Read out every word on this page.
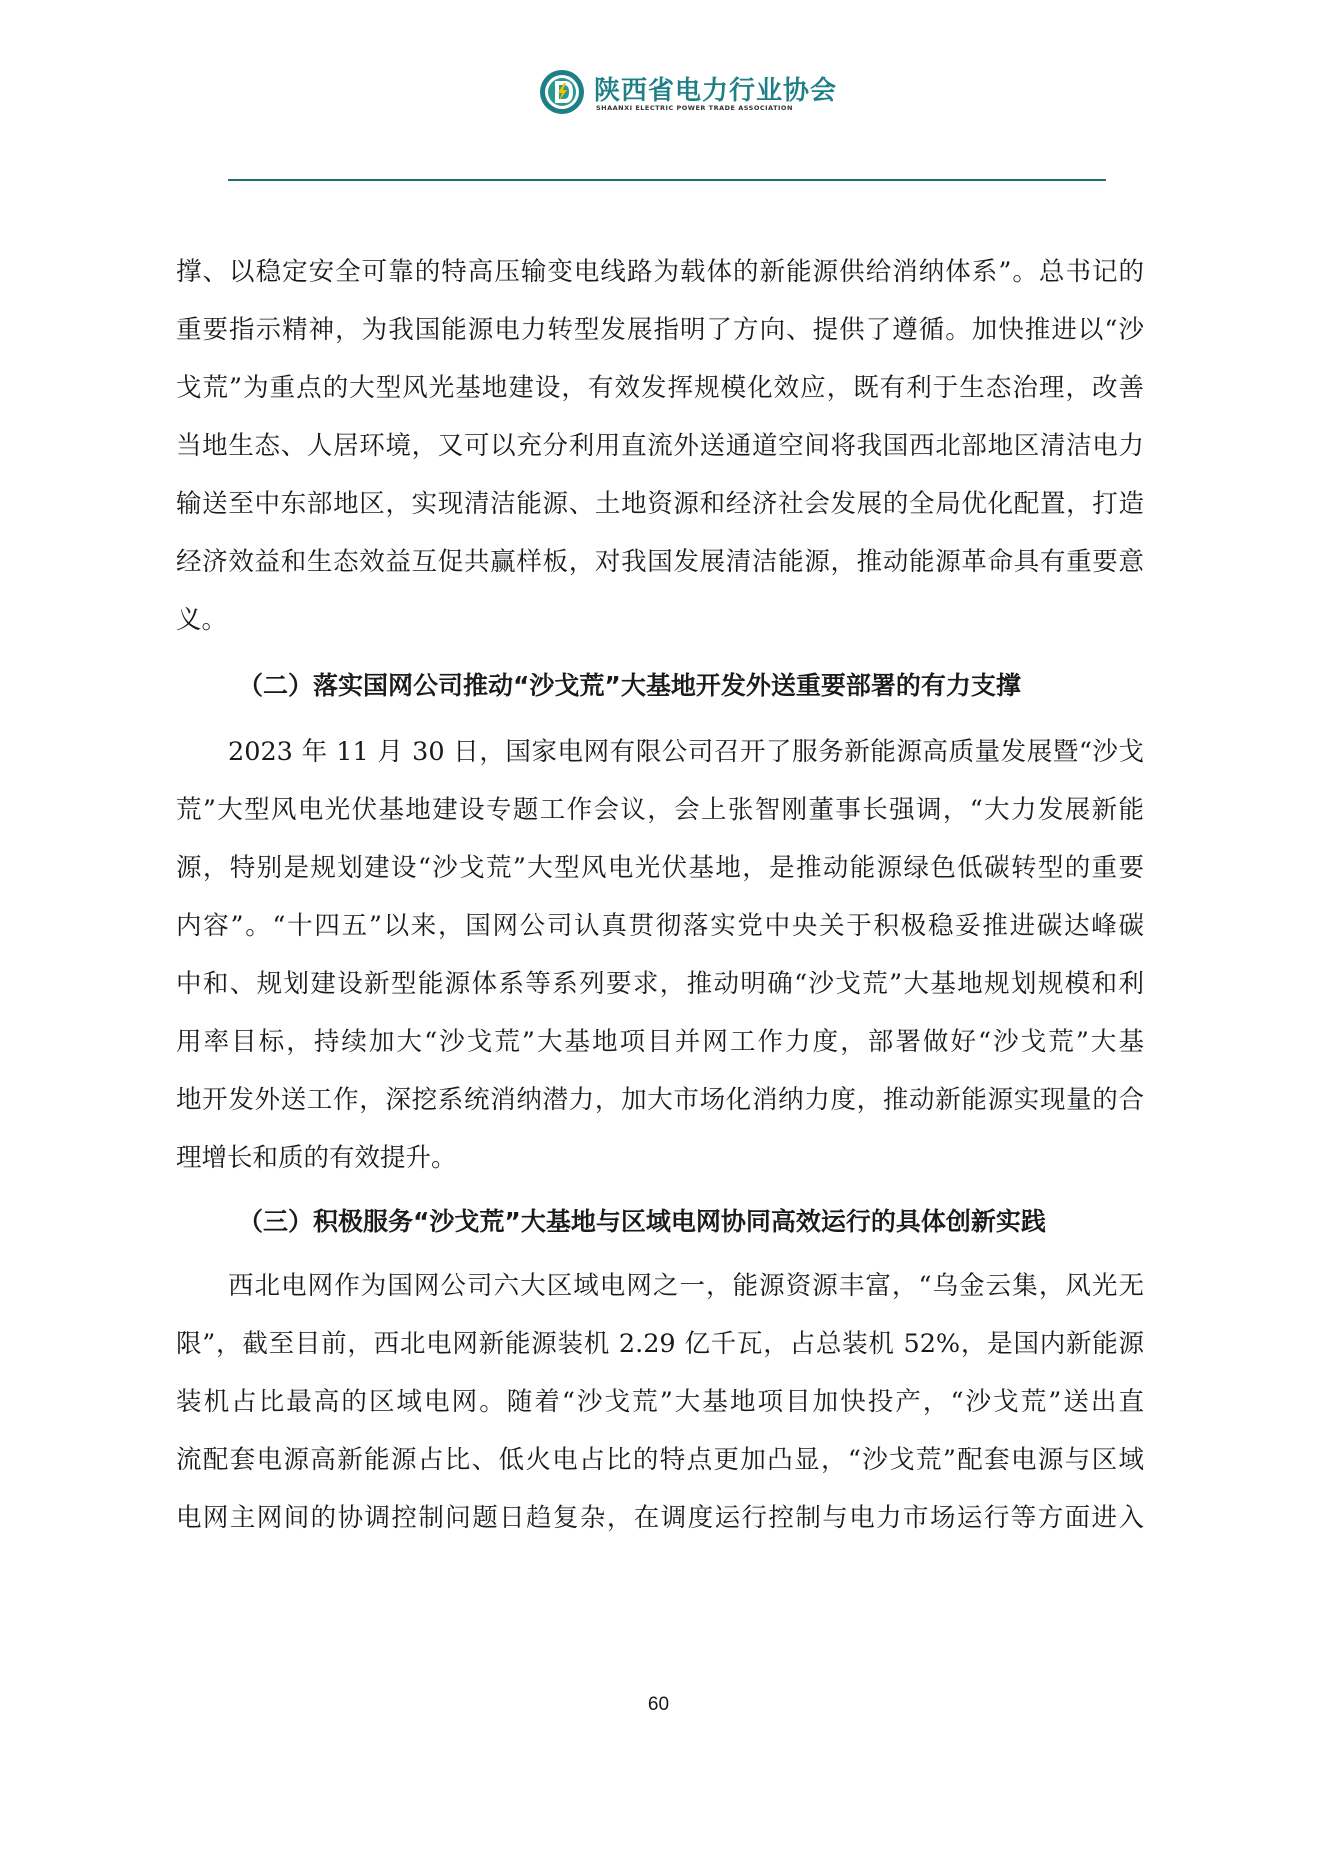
陕西省电力行业协会
SHAANXI ELECTRIC POWER TRADE ASSOCIATION
撑、以稳定安全可靠的特高压输变电线路为载体的新能源供给消纳体系”。总书记的
重要指示精神，为我国能源电力转型发展指明了方向、提供了遵循。加快推进以“沙
戈荒”为重点的大型风光基地建设，有效发挥规模化效应，既有利于生态治理，改善
当地生态、人居环境，又可以充分利用直流外送通道空间将我国西北部地区清洁电力
输送至中东部地区，实现清洁能源、土地资源和经济社会发展的全局优化配置，打造
经济效益和生态效益互促共赢样板，对我国发展清洁能源，推动能源革命具有重要意
义。
（二）落实国网公司推动“沙戈荒”大基地开发外送重要部署的有力支撑
2023 年 11 月 30 日，国家电网有限公司召开了服务新能源高质量发展暨“沙戈
荒”大型风电光伏基地建设专题工作会议，会上张智刚董事长强调，“大力发展新能
源，特别是规划建设“沙戈荒”大型风电光伏基地，是推动能源绿色低碳转型的重要
内容”。“十四五”以来，国网公司认真贯彻落实党中央关于积极稳妥推进碳达峰碳
中和、规划建设新型能源体系等系列要求，推动明确“沙戈荒”大基地规划规模和利
用率目标，持续加大“沙戈荒”大基地项目并网工作力度，部署做好“沙戈荒”大基
地开发外送工作，深挖系统消纳潜力，加大市场化消纳力度，推动新能源实现量的合
理增长和质的有效提升。
（三）积极服务“沙戈荒”大基地与区域电网协同高效运行的具体创新实践
西北电网作为国网公司六大区域电网之一，能源资源丰富，“乌金云集，风光无
限”，截至目前，西北电网新能源装机 2.29 亿千瓦，占总装机 52%，是国内新能源
装机占比最高的区域电网。随着“沙戈荒”大基地项目加快投产，“沙戈荒”送出直
流配套电源高新能源占比、低火电占比的特点更加凸显，“沙戈荒”配套电源与区域
电网主网间的协调控制问题日趋复杂，在调度运行控制与电力市场运行等方面进入
60
